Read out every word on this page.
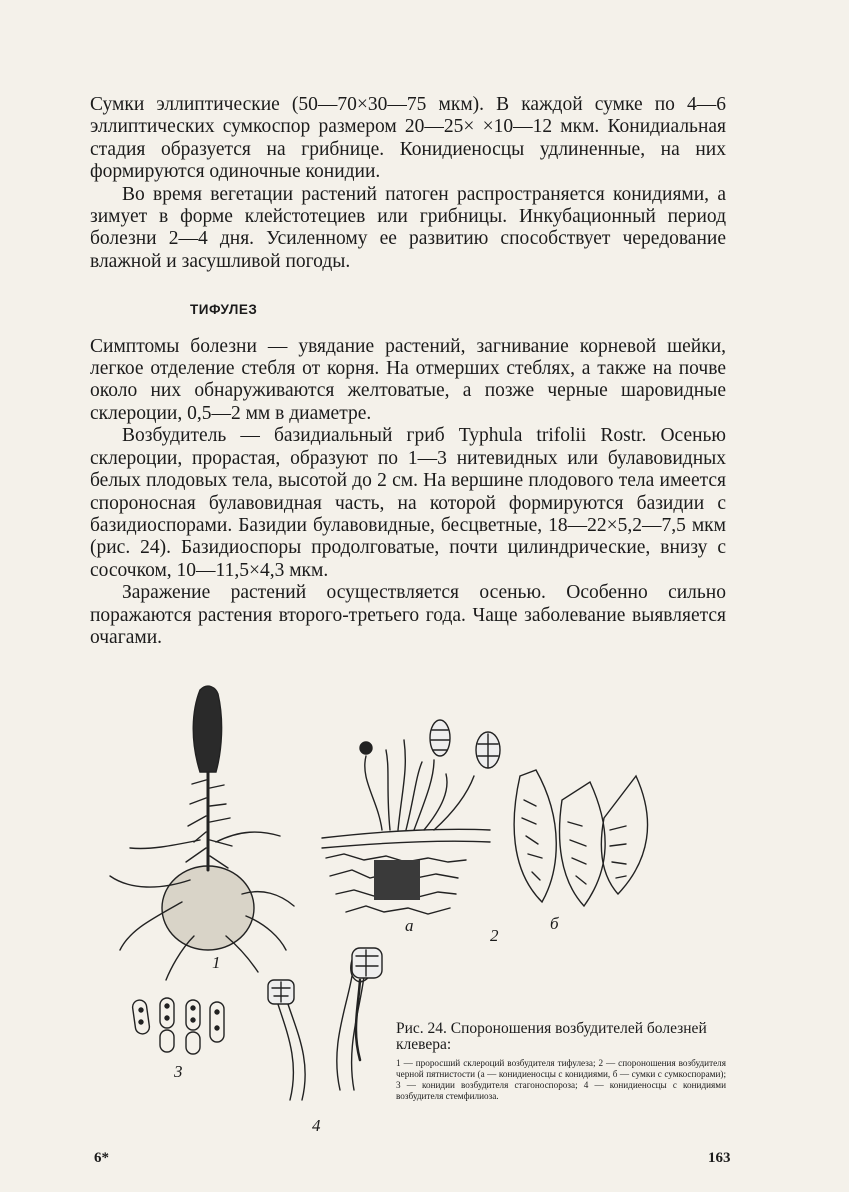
Сумки эллиптические (50—70×30—75 мкм). В каждой сумке по 4—6 эллиптических сумкоспор размером 20—25× ×10—12 мкм. Конидиальная стадия образуется на грибнице. Конидиеносцы удлиненные, на них формируются одиночные конидии.

Во время вегетации растений патоген распространяется конидиями, а зимует в форме клейстотециев или грибницы. Инкубационный период болезни 2—4 дня. Усиленному ее развитию способствует чередование влажной и засушливой погоды.

ТИФУЛЕЗ

Симптомы болезни — увядание растений, загнивание корневой шейки, легкое отделение стебля от корня. На отмерших стеблях, а также на почве около них обнаруживаются желтоватые, а позже черные шаровидные склероции, 0,5—2 мм в диаметре.

Возбудитель — базидиальный гриб Typhula trifolii Rostr. Осенью склероции, прорастая, образуют по 1—3 нитевидных или булавовидных белых плодовых тела, высотой до 2 см. На вершине плодового тела имеется спороносная булавовидная часть, на которой формируются базидии с базидиоспорами. Базидии булавовидные, бесцветные, 18—22×5,2—7,5 мкм (рис. 24). Базидиоспоры продолговатые, почти цилиндрические, внизу с сосочком, 10—11,5×4,3 мкм.

Заражение растений осуществляется осенью. Особенно сильно поражаются растения второго-третьего года. Чаще заболевание выявляется очагами.

1
2
а	б
3
4

Рис. 24. Спороношения возбудителей болезней клевера:

1 — проросший склероций возбудителя тифулеза; 2 — спороношения возбудителя черной пятнистости (а — конидиеносцы с конидиями, б — сумки с сумкоспорами); 3 — конидии возбудителя стагоноспороза; 4 — конидиеносцы с конидиями возбудителя стемфилиоза.

6*	163
